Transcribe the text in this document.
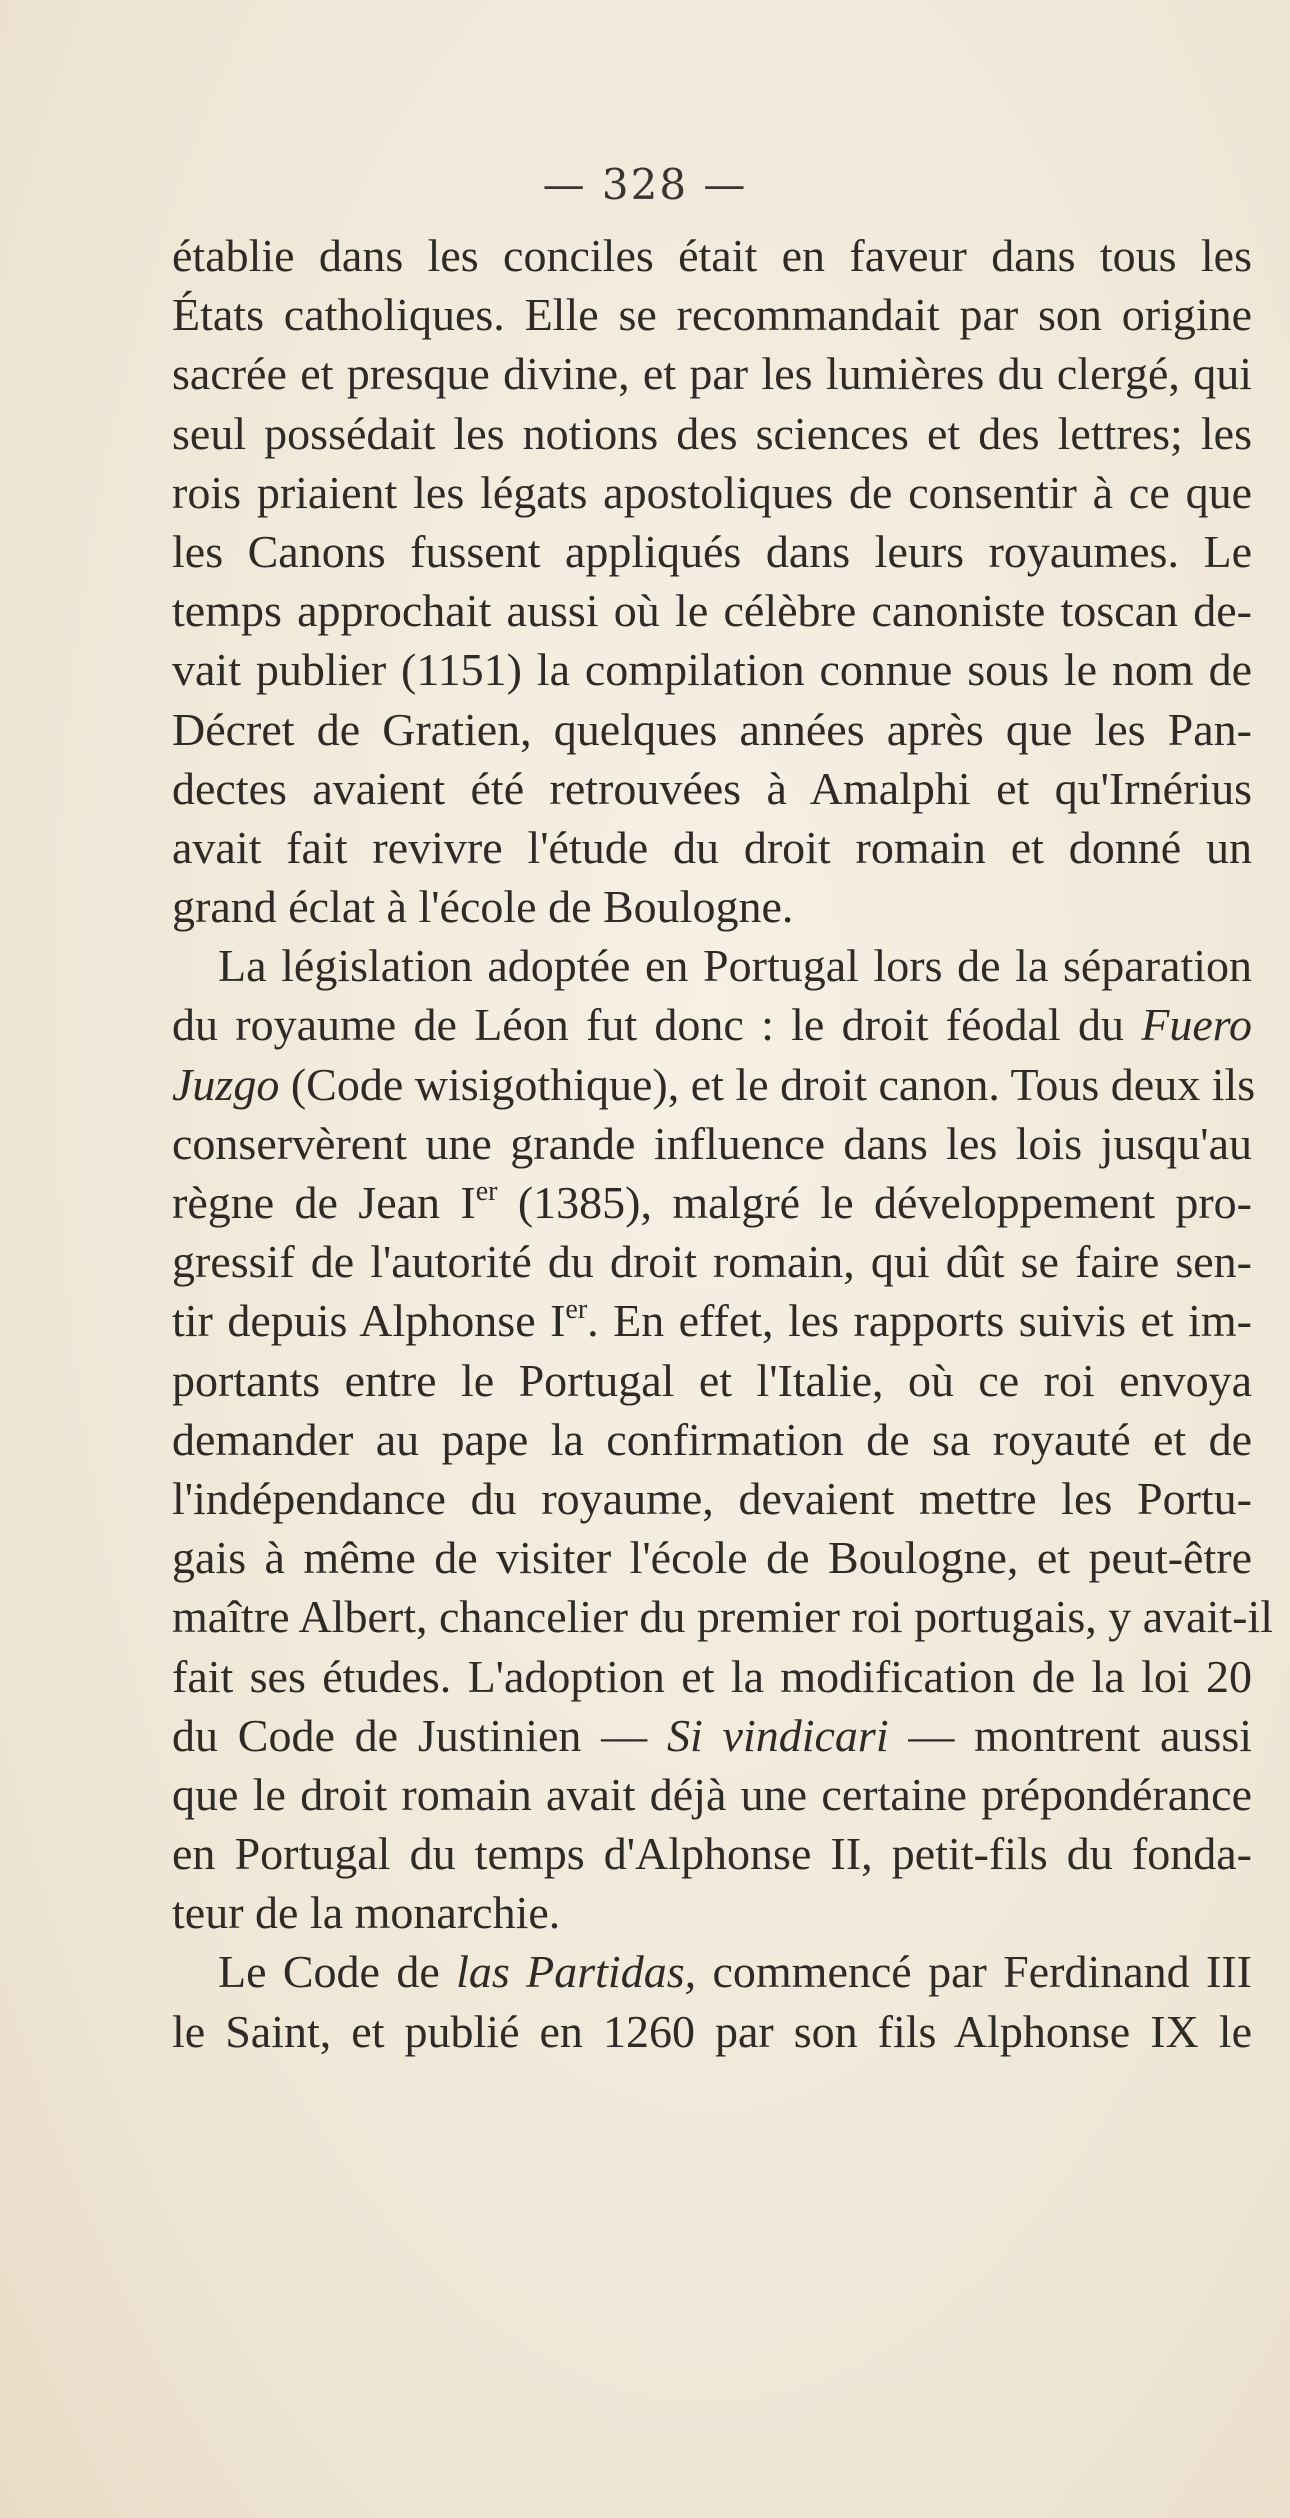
— 328 —
établie dans les conciles était en faveur dans tous les
États catholiques. Elle se recommandait par son origine
sacrée et presque divine, et par les lumières du clergé, qui
seul possédait les notions des sciences et des lettres; les
rois priaient les légats apostoliques de consentir à ce que
les Canons fussent appliqués dans leurs royaumes. Le
temps approchait aussi où le célèbre canoniste toscan de-
vait publier (1151) la compilation connue sous le nom de
Décret de Gratien, quelques années après que les Pan-
dectes avaient été retrouvées à Amalphi et qu'Irnérius
avait fait revivre l'étude du droit romain et donné un
grand éclat à l'école de Boulogne.
La législation adoptée en Portugal lors de la séparation
du royaume de Léon fut donc : le droit féodal du Fuero
Juzgo (Code wisigothique), et le droit canon. Tous deux ils
conservèrent une grande influence dans les lois jusqu'au
règne de Jean Ier (1385), malgré le développement pro-
gressif de l'autorité du droit romain, qui dût se faire sen-
tir depuis Alphonse Ier. En effet, les rapports suivis et im-
portants entre le Portugal et l'Italie, où ce roi envoya
demander au pape la confirmation de sa royauté et de
l'indépendance du royaume, devaient mettre les Portu-
gais à même de visiter l'école de Boulogne, et peut-être
maître Albert, chancelier du premier roi portugais, y avait-il
fait ses études. L'adoption et la modification de la loi 20
du Code de Justinien — Si vindicari — montrent aussi
que le droit romain avait déjà une certaine prépondérance
en Portugal du temps d'Alphonse II, petit-fils du fonda-
teur de la monarchie.
Le Code de las Partidas, commencé par Ferdinand III
le Saint, et publié en 1260 par son fils Alphonse IX le
